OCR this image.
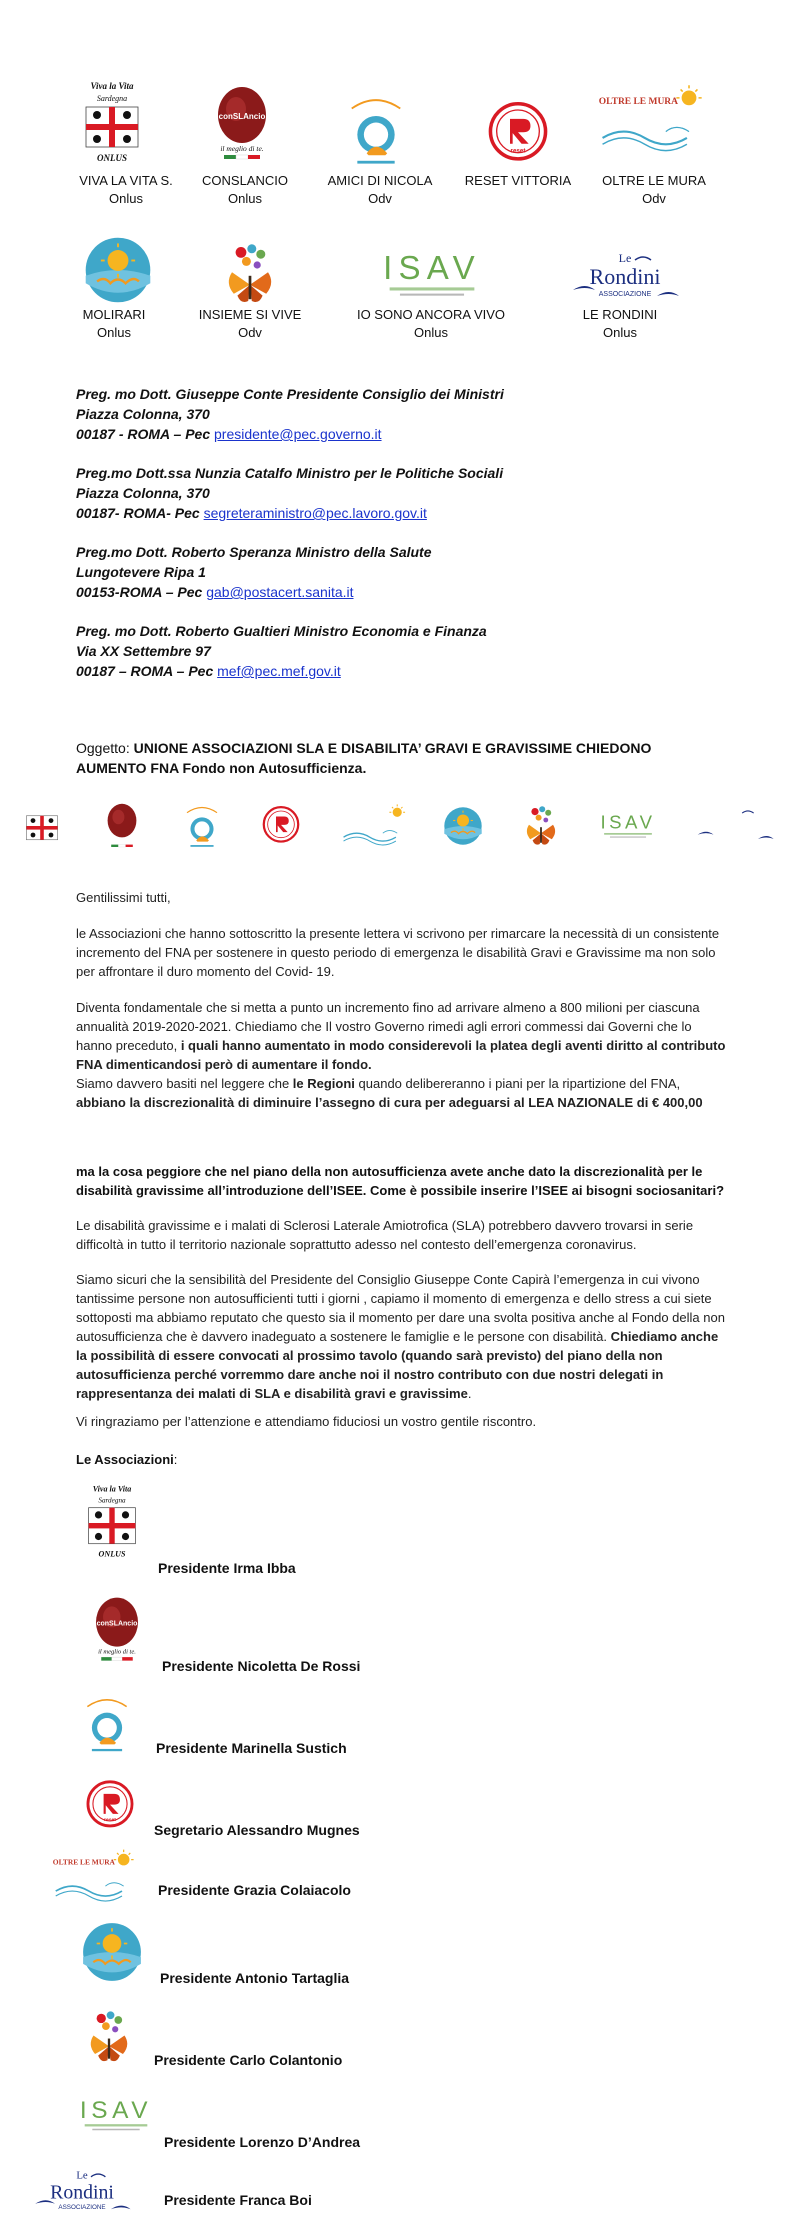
Viva la Vita
Sardegna
ONLUS
VIVA LA VITA S.
Onlus
conSLAncio
il meglio di te.
CONSLANCIO
Onlus
AMICI DI NICOLA
Odv
reset
RESET VITTORIA
OLTRE LE MURA
OLTRE LE MURA
Odv
MOLIRARI
Onlus
INSIEME SI VIVE
Odv
IO SONO ANCORA VIVO
Onlus
Le
Rondini
ASSOCIAZIONE
LE RONDINI
Onlus
Preg. mo Dott. Giuseppe Conte Presidente Consiglio dei Ministri
Piazza Colonna, 370
00187 - ROMA – Pec presidente@pec.governo.it
Preg.mo Dott.ssa Nunzia Catalfo Ministro per le Politiche Sociali
Piazza Colonna, 370
00187- ROMA- Pec segreteraministro@pec.lavoro.gov.it
Preg.mo Dott. Roberto Speranza Ministro della Salute
Lungotevere Ripa 1
00153-ROMA – Pec gab@postacert.sanita.it
Preg. mo Dott. Roberto Gualtieri Ministro Economia e Finanza
Via XX Settembre 97
00187 – ROMA – Pec mef@pec.mef.gov.it
Oggetto: UNIONE ASSOCIAZIONI SLA E DISABILITA’ GRAVI E GRAVISSIME CHIEDONO
AUMENTO FNA Fondo non Autosufficienza.
Gentilissimi tutti,
le Associazioni che hanno sottoscritto la presente lettera vi scrivono per rimarcare la necessità di un consistente incremento del FNA per sostenere in questo periodo di emergenza le disabilità Gravi e Gravissime ma non solo per affrontare il duro momento del Covid- 19.
Diventa fondamentale che si metta a punto un incremento fino ad arrivare almeno a 800 milioni per ciascuna annualità 2019-2020-2021. Chiediamo che Il vostro Governo rimedi agli errori commessi dai Governi che lo hanno preceduto, i quali hanno aumentato in modo considerevoli la platea degli aventi diritto al contributo FNA dimenticandosi però di aumentare il fondo.
Siamo davvero basiti nel leggere che le Regioni quando delibereranno i piani per la ripartizione del FNA, abbiano la discrezionalità di diminuire l’assegno di cura per adeguarsi al LEA NAZIONALE di € 400,00
ma la cosa peggiore che nel piano della non autosufficienza avete anche dato la discrezionalità per le disabilità gravissime all’introduzione dell’ISEE. Come è possibile inserire l’ISEE ai bisogni sociosanitari?
Le disabilità gravissime e i malati di Sclerosi Laterale Amiotrofica (SLA) potrebbero davvero trovarsi in serie difficoltà in tutto il territorio nazionale soprattutto adesso nel contesto dell’emergenza coronavirus.
Siamo sicuri che la sensibilità del Presidente del Consiglio Giuseppe Conte Capirà l’emergenza in cui vivono tantissime persone non autosufficienti tutti i giorni , capiamo il momento di emergenza e dello stress a cui siete sottoposti ma abbiamo reputato che questo sia il momento per dare una svolta positiva anche al Fondo della non autosufficienza che è davvero inadeguato a sostenere le famiglie e le persone con disabilità. Chiediamo anche la possibilità di essere convocati al prossimo tavolo (quando sarà previsto) del piano della non autosufficienza perché vorremmo dare anche noi il nostro contributo con due nostri delegati in rappresentanza dei malati di SLA e disabilità gravi e gravissime.
Vi ringraziamo per l’attenzione e attendiamo fiduciosi un vostro gentile riscontro.
Le Associazioni:
Viva la Vita
Sardegna
ONLUS
Presidente Irma Ibba
conSLAncio
il meglio di te.
Presidente Nicoletta De Rossi
Presidente Marinella Sustich
reset
Segretario Alessandro Mugnes
OLTRE LE MURA
Presidente Grazia Colaiacolo
Presidente Antonio Tartaglia
Presidente Carlo Colantonio
Presidente Lorenzo D’Andrea
Le
Rondini
ASSOCIAZIONE	Presidente Franca Boi
